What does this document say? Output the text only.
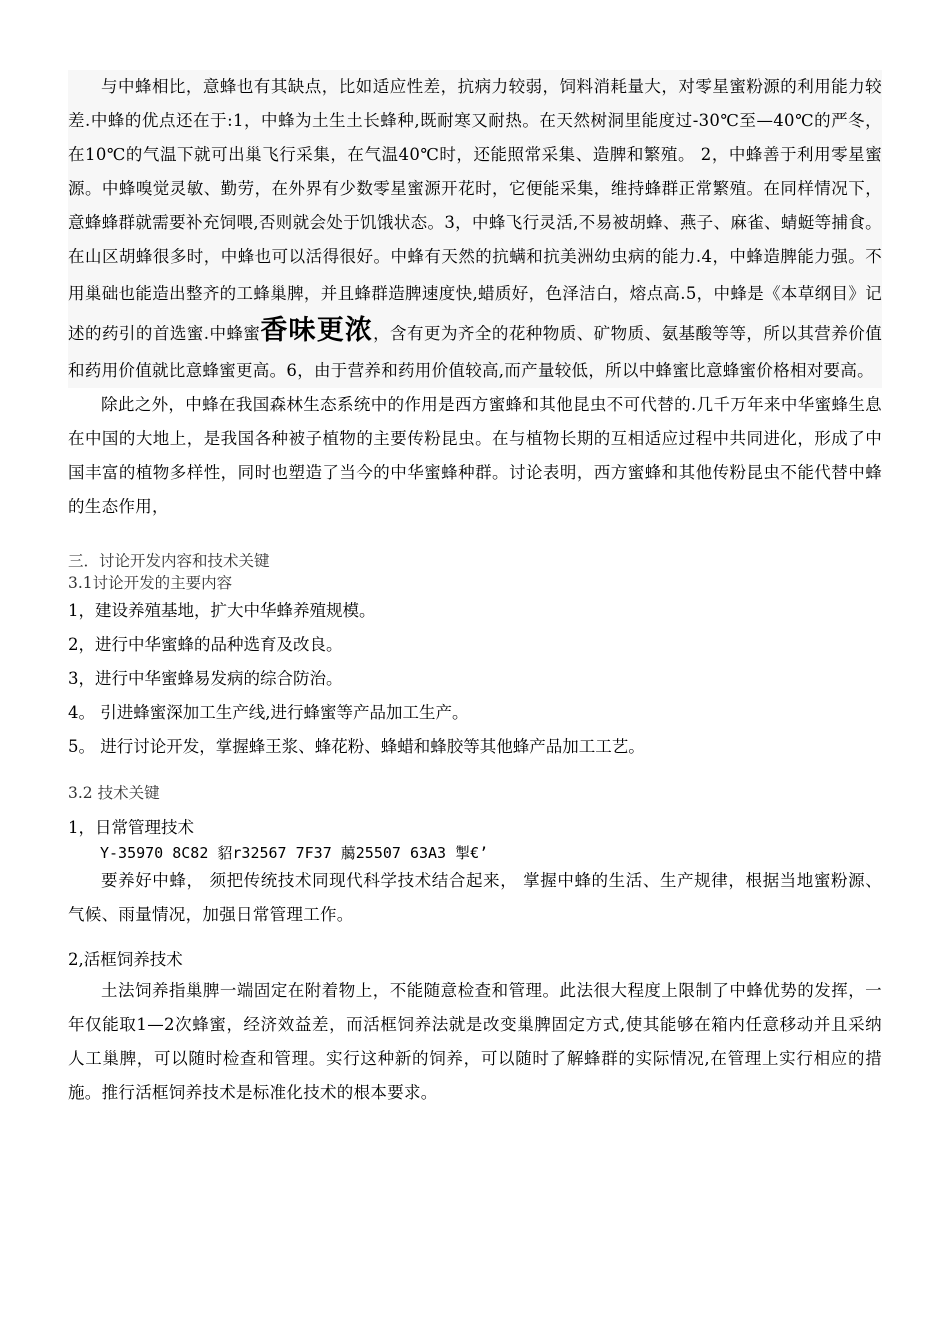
与中蜂相比，意蜂也有其缺点，比如适应性差，抗病力较弱，饲料消耗量大，对零星蜜粉源的利用能力较差.中蜂的优点还在于:1，中蜂为土生土长蜂种,既耐寒又耐热。在天然树洞里能度过-30℃至—40℃的严冬，在10℃的气温下就可出巢飞行采集，在气温40℃时，还能照常采集、造脾和繁殖。 2，中蜂善于利用零星蜜源。中蜂嗅觉灵敏、勤劳，在外界有少数零星蜜源开花时，它便能采集，维持蜂群正常繁殖。在同样情况下，意蜂蜂群就需要补充饲喂,否则就会处于饥饿状态。3，中蜂飞行灵活,不易被胡蜂、燕子、麻雀、蜻蜓等捕食。在山区胡蜂很多时，中蜂也可以活得很好。中蜂有天然的抗螨和抗美洲幼虫病的能力.4，中蜂造脾能力强。不用巢础也能造出整齐的工蜂巢脾，并且蜂群造脾速度快,蜡质好，色泽洁白，熔点高.5，中蜂是《本草纲目》记述的药引的首选蜜.中蜂蜜香味更浓，含有更为齐全的花种物质、矿物质、氨基酸等等，所以其营养价值和药用价值就比意蜂蜜更高。6，由于营养和药用价值较高,而产量较低，所以中蜂蜜比意蜂蜜价格相对要高。

除此之外，中蜂在我国森林生态系统中的作用是西方蜜蜂和其他昆虫不可代替的.几千万年来中华蜜蜂生息在中国的大地上，是我国各种被子植物的主要传粉昆虫。在与植物长期的互相适应过程中共同进化，形成了中国丰富的植物多样性，同时也塑造了当今的中华蜜蜂种群。讨论表明，西方蜜蜂和其他传粉昆虫不能代替中蜂的生态作用，

三．讨论开发内容和技术关键

3.1讨论开发的主要内容

1，建设养殖基地，扩大中华蜂养殖规模。

2，进行中华蜜蜂的品种选育及改良。

3，进行中华蜜蜂易发病的综合防治。

4。 引进蜂蜜深加工生产线,进行蜂蜜等产品加工生产。

5。 进行讨论开发，掌握蜂王浆、蜂花粉、蜂蜡和蜂胶等其他蜂产品加工工艺。

3.2 技术关键

1，日常管理技术

Y-35970 8C82 貂r32567 7F37 﨟25507 63A3 掣€’

要养好中蜂， 须把传统技术同现代科学技术结合起来， 掌握中蜂的生活、生产规律，根据当地蜜粉源、气候、雨量情况，加强日常管理工作。

2,活框饲养技术

土法饲养指巢脾一端固定在附着物上，不能随意检查和管理。此法很大程度上限制了中蜂优势的发挥，一年仅能取1—2次蜂蜜，经济效益差，而活框饲养法就是改变巢脾固定方式,使其能够在箱内任意移动并且采纳人工巢脾，可以随时检查和管理。实行这种新的饲养，可以随时了解蜂群的实际情况,在管理上实行相应的措施。推行活框饲养技术是标准化技术的根本要求。
